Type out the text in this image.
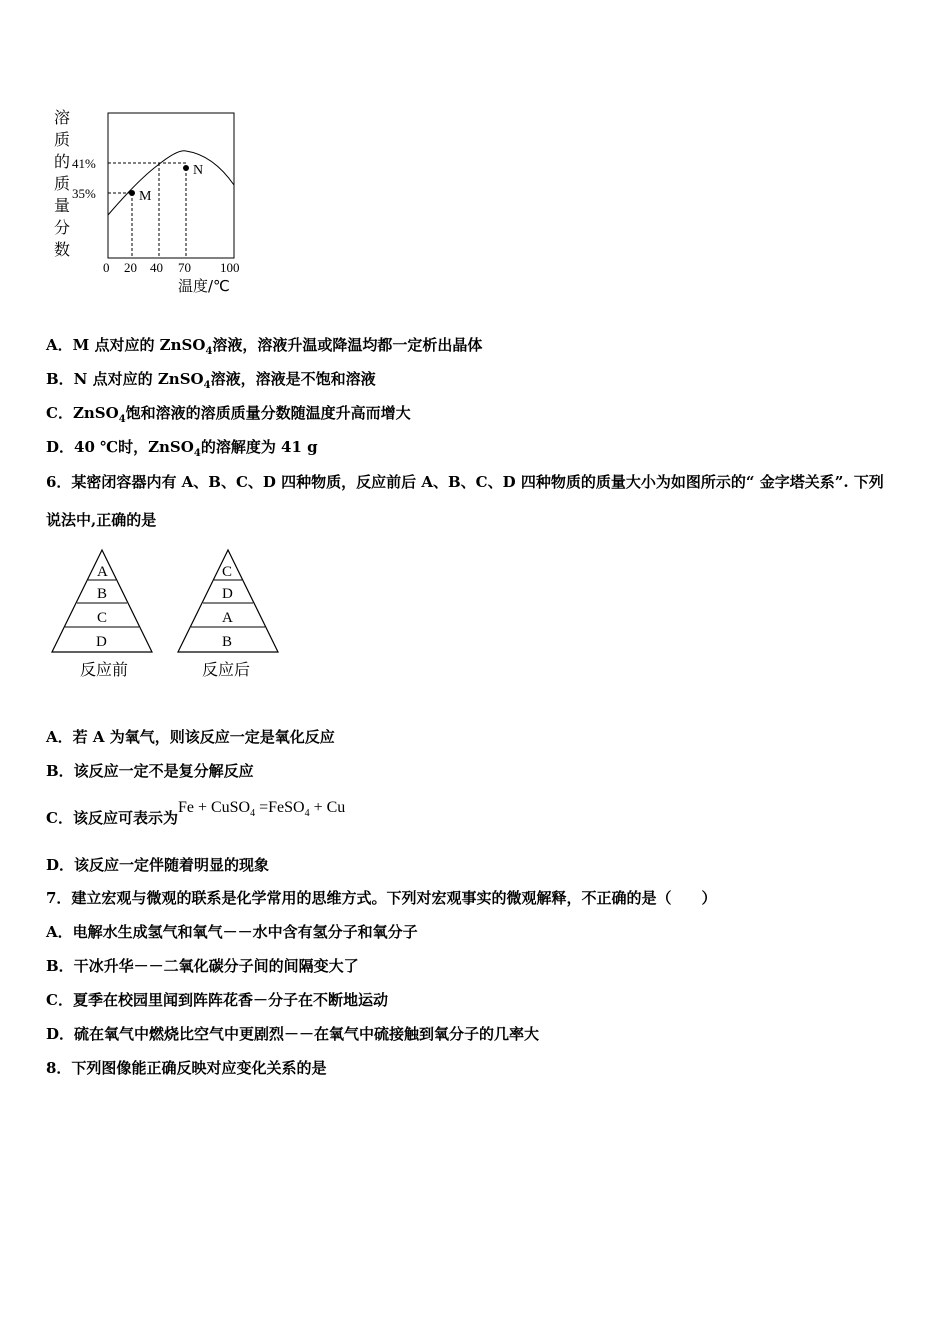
溶
质
的
质
量
分
数
M
N
41%
35%
0 20 40 70 100
温度/℃
A．M 点对应的 ZnSO$_4$溶液，溶液升温或降温均都一定析出晶体
B．N 点对应的 ZnSO$_4$溶液，溶液是不饱和溶液
C．ZnSO$_4$饱和溶液的溶质质量分数随温度升高而增大
D．40 ℃时，ZnSO$_4$的溶解度为 41 g
6．某密闭容器内有 A、B、C、D 四种物质，反应前后 A、B、C、D 四种物质的质量大小为如图所示的“ 金字塔关系”. 下列
说法中,正确的是
A
B
C
D
反应前
C
D
A
B
反应后
A．若 A 为氧气，则该反应一定是氧化反应
B．该反应一定不是复分解反应
C．该反应可表示为Fe + CuSO$_4$ =FeSO$_4$ + Cu
D．该反应一定伴随着明显的现象
7．建立宏观与微观的联系是化学常用的思维方式。下列对宏观事实的微观解释，不正确的是（　　）
A．电解水生成氢气和氧气－－水中含有氢分子和氧分子
B．干冰升华－－二氧化碳分子间的间隔变大了
C．夏季在校园里闻到阵阵花香－分子在不断地运动
D．硫在氧气中燃烧比空气中更剧烈－－在氧气中硫接触到氧分子的几率大
8．下列图像能正确反映对应变化关系的是
